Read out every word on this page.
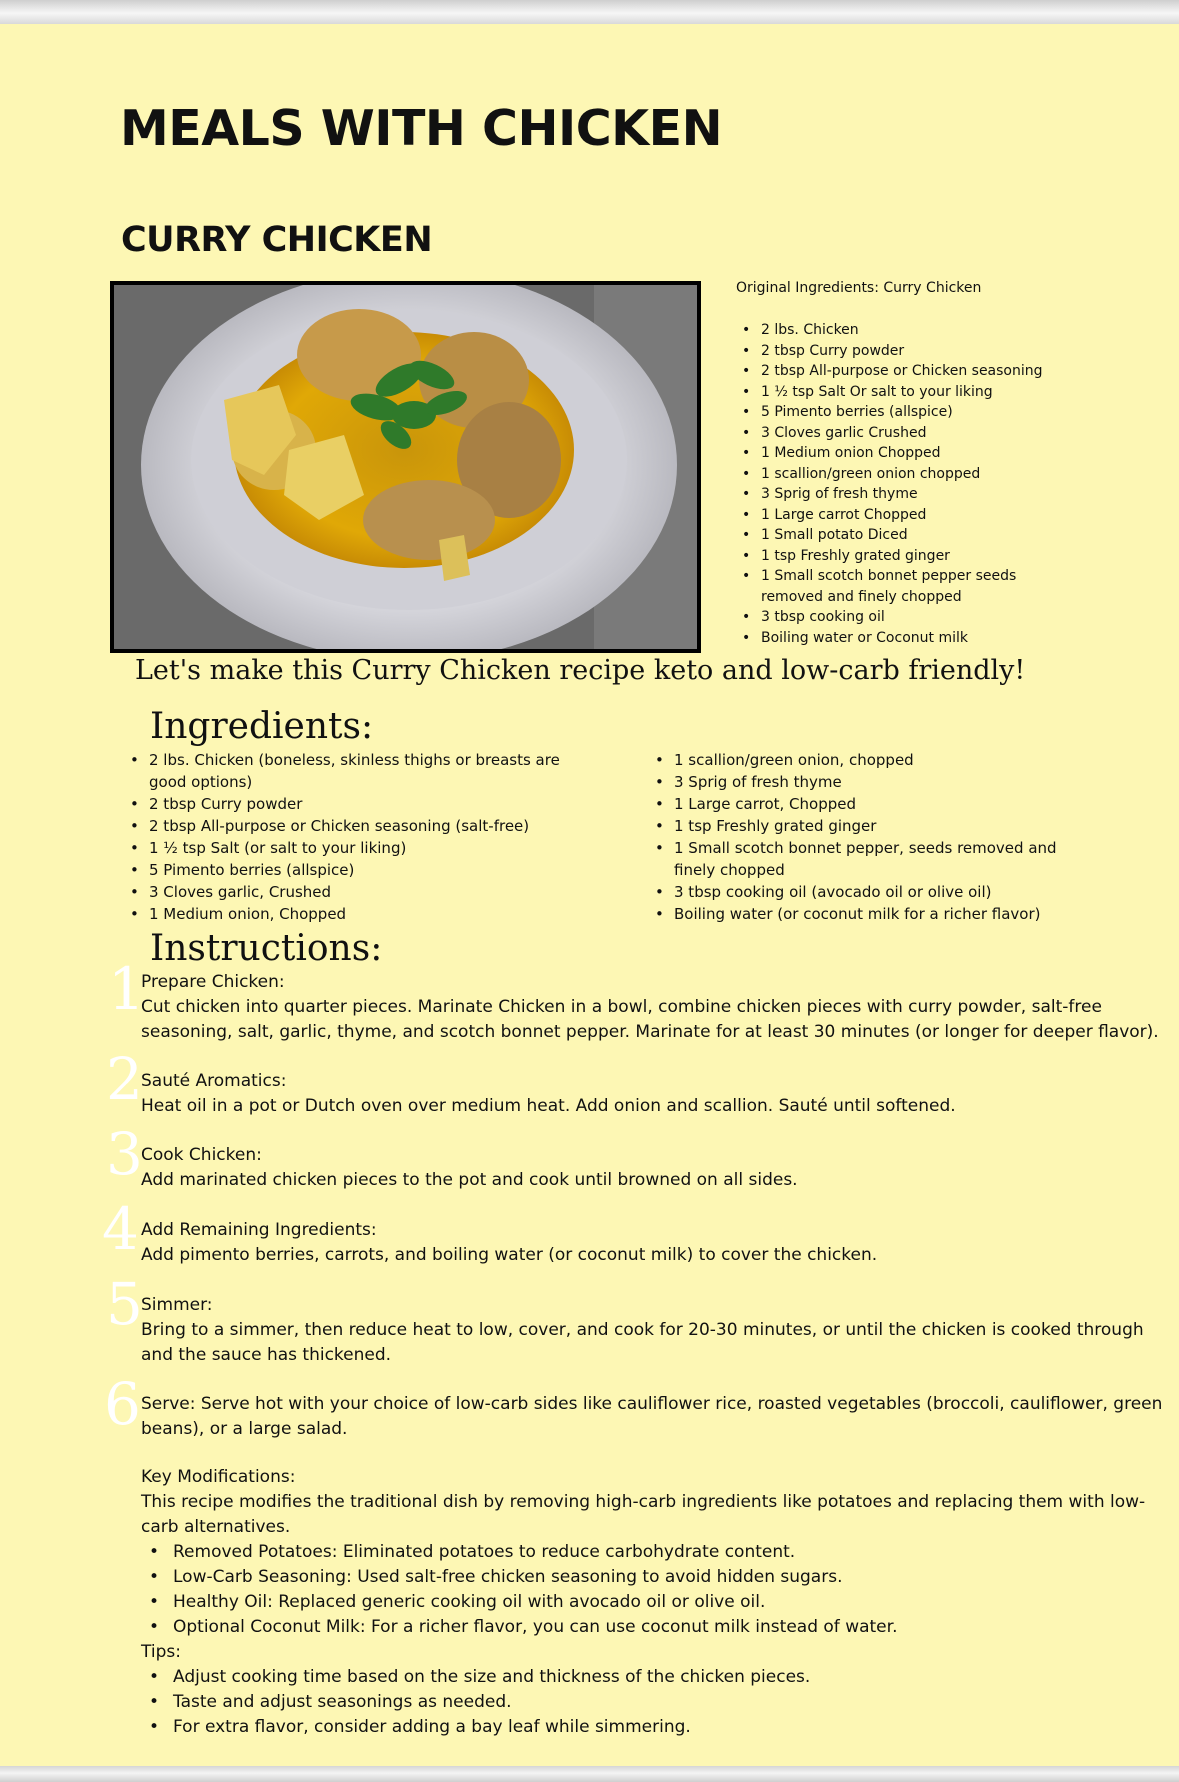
MEALS WITH CHICKEN
CURRY CHICKEN
Original Ingredients: Curry Chicken
• 2 lbs. Chicken
• 2 tbsp Curry powder
• 2 tbsp All-purpose or Chicken seasoning
• 1 ½ tsp Salt Or salt to your liking
• 5 Pimento berries (allspice)
• 3 Cloves garlic Crushed
• 1 Medium onion Chopped
• 1 scallion/green onion chopped
• 3 Sprig of fresh thyme
• 1 Large carrot Chopped
• 1 Small potato Diced
• 1 tsp Freshly grated ginger
• 1 Small scotch bonnet pepper seeds removed and finely chopped
• 3 tbsp cooking oil
• Boiling water or Coconut milk
Let's make this Curry Chicken recipe keto and low-carb friendly!
Ingredients:
• 2 lbs. Chicken (boneless, skinless thighs or breasts are good options)
• 2 tbsp Curry powder
• 2 tbsp All-purpose or Chicken seasoning (salt-free)
• 1 ½ tsp Salt (or salt to your liking)
• 5 Pimento berries (allspice)
• 3 Cloves garlic, Crushed
• 1 Medium onion, Chopped
• 1 scallion/green onion, chopped
• 3 Sprig of fresh thyme
• 1 Large carrot, Chopped
• 1 tsp Freshly grated ginger
• 1 Small scotch bonnet pepper, seeds removed and finely chopped
• 3 tbsp cooking oil (avocado oil or olive oil)
• Boiling water (or coconut milk for a richer flavor)
Instructions:
1
Prepare Chicken:
Cut chicken into quarter pieces. Marinate Chicken in a bowl, combine chicken pieces with curry powder, salt-free seasoning, salt, garlic, thyme, and scotch bonnet pepper. Marinate for at least 30 minutes (or longer for deeper flavor).
2
Sauté Aromatics:
Heat oil in a pot or Dutch oven over medium heat. Add onion and scallion. Sauté until softened.
3
Cook Chicken:
Add marinated chicken pieces to the pot and cook until browned on all sides.
4 Add Remaining Ingredients:
Add pimento berries, carrots, and boiling water (or coconut milk) to cover the chicken.
5
Simmer:
Bring to a simmer, then reduce heat to low, cover, and cook for 20-30 minutes, or until the chicken is cooked through and the sauce has thickened.
6 Serve: Serve hot with your choice of low-carb sides like cauliflower rice, roasted vegetables (broccoli, cauliflower, green beans), or a large salad.
Key Modifications:
This recipe modifies the traditional dish by removing high-carb ingredients like potatoes and replacing them with low-carb alternatives.
• Removed Potatoes: Eliminated potatoes to reduce carbohydrate content.
• Low-Carb Seasoning: Used salt-free chicken seasoning to avoid hidden sugars.
• Healthy Oil: Replaced generic cooking oil with avocado oil or olive oil.
• Optional Coconut Milk: For a richer flavor, you can use coconut milk instead of water.
Tips:
• Adjust cooking time based on the size and thickness of the chicken pieces.
• Taste and adjust seasonings as needed.
• For extra flavor, consider adding a bay leaf while simmering.
